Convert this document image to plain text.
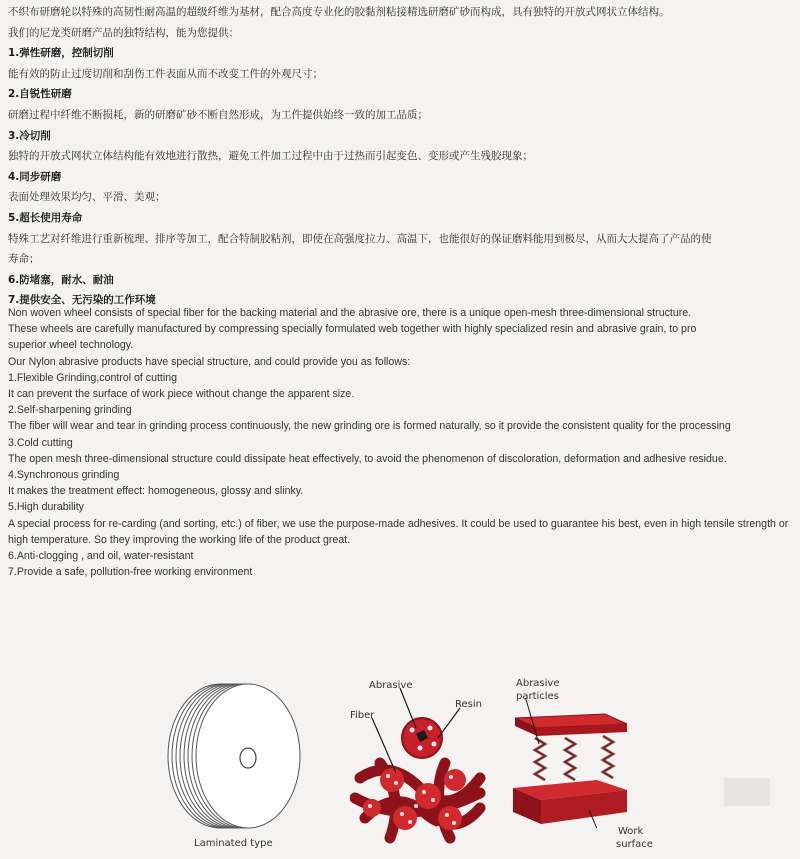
不织布研磨轮以特殊的高韧性耐高温的超级纤维为基材，配合高度专业化的胶黏剂粘接精选研磨矿砂而构成，具有独特的开放式网状立体结构。

我们的尼龙类研磨产品的独特结构，能为您提供：

1.弹性研磨，控制切削

能有效的防止过度切削和刮伤工件表面从而不改变工件的外观尺寸；

2.自锐性研磨

研磨过程中纤维不断损耗，新的研磨矿砂不断自然形成，为工件提供始终一致的加工品质；

3.冷切削

独特的开放式网状立体结构能有效地进行散热，避免工件加工过程中由于过热而引起变色、变形或产生残胶现象；

4.同步研磨

表面处理效果均匀、平滑、美观；

5.超长使用寿命

特殊工艺对纤维进行重新梳理、排序等加工，配合特制胶粘剂，即使在高强度拉力、高温下，也能很好的保证磨料能用到极尽，从而大大提高了产品的使

寿命；

6.防堵塞，耐水、耐油

7.提供安全、无污染的工作环境

Non woven wheel consists of special fiber for the backing material and the abrasive ore, there is a unique open-mesh three-dimensional structure.

These wheels are carefully manufactured by compressing specially formulated web together with highly specialized resin and abrasive grain, to pro

superior wheel technology.

Our Nylon abrasive products have special structure, and could provide you as follows:

1.Flexible Grinding,control of cutting

It can prevent the surface of work piece without change the apparent size.

2.Self-sharpening grinding

The fiber will wear and tear in grinding process continuously, the new grinding ore is formed naturally, so it provide the consistent quality for the processing

3.Cold cutting

The open mesh three-dimensional structure could dissipate heat effectively, to avoid the phenomenon of discoloration, deformation and adhesive residue.

4.Synchronous grinding

It makes the treatment effect: homogeneous, glossy and slinky.

5.High durability

A special process for re-carding (and sorting, etc.) of fiber, we use the purpose-made adhesives. It could be used to guarantee his best, even in high tensile strength or high temperature. So they improving the working life of the product great.

6.Anti-clogging , and oil, water-resistant

7.Provide a safe, pollution-free working environment

Laminated type
Abrasive
Resin
Fiber
Abrasive
particles
Work
surface
